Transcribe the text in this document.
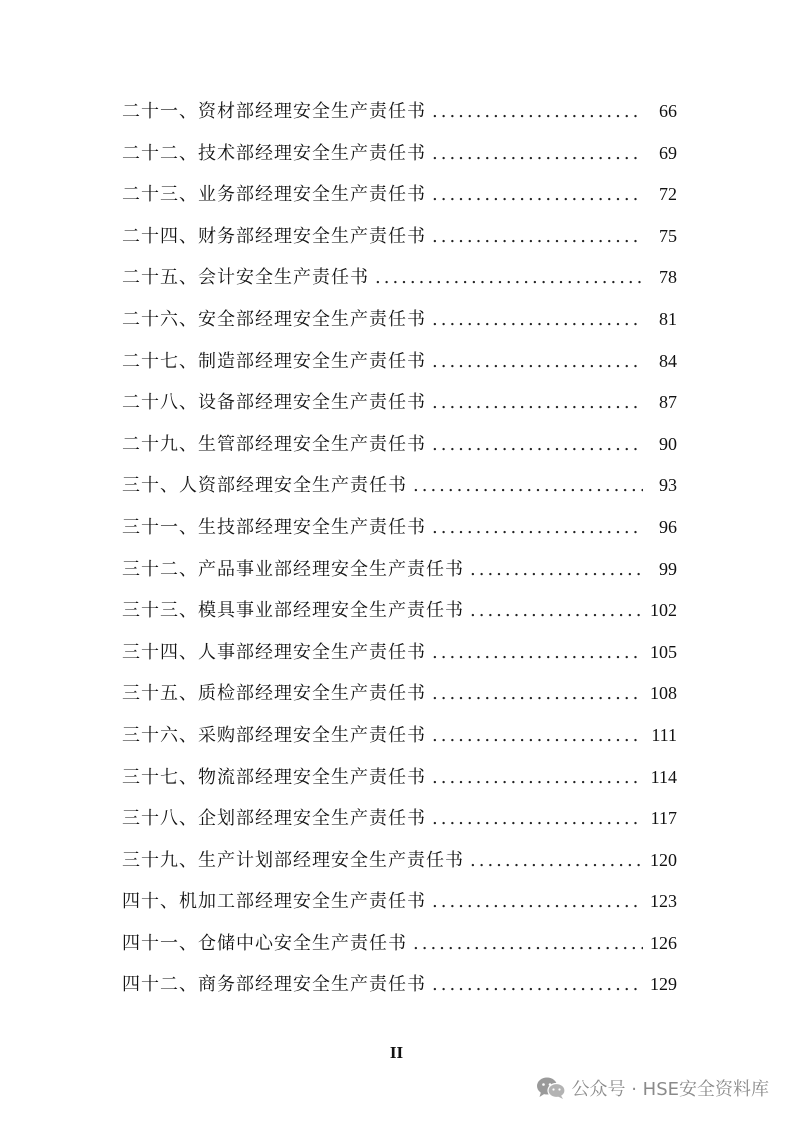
二十一、资材部经理安全生产责任书 .....	66
二十二、技术部经理安全生产责任书 .....	69
二十三、业务部经理安全生产责任书 .....	72
二十四、财务部经理安全生产责任书 .....	75
二十五、会计安全生产责任书 .....	78
二十六、安全部经理安全生产责任书 .....	81
二十七、制造部经理安全生产责任书 .....	84
二十八、设备部经理安全生产责任书 .....	87
二十九、生管部经理安全生产责任书 .....	90
三十、人资部经理安全生产责任书 .....	93
三十一、生技部经理安全生产责任书 .....	96
三十二、产品事业部经理安全生产责任书 .....	99
三十三、模具事业部经理安全生产责任书 .....	102
三十四、人事部经理安全生产责任书 .....	105
三十五、质检部经理安全生产责任书 .....	108
三十六、采购部经理安全生产责任书 .....	111
三十七、物流部经理安全生产责任书 .....	114
三十八、企划部经理安全生产责任书 .....	117
三十九、生产计划部经理安全生产责任书 .....	120
四十、机加工部经理安全生产责任书 .....	123
四十一、仓储中心安全生产责任书 .....	126
四十二、商务部经理安全生产责任书 .....	129
II
公众号 · HSE安全资料库
